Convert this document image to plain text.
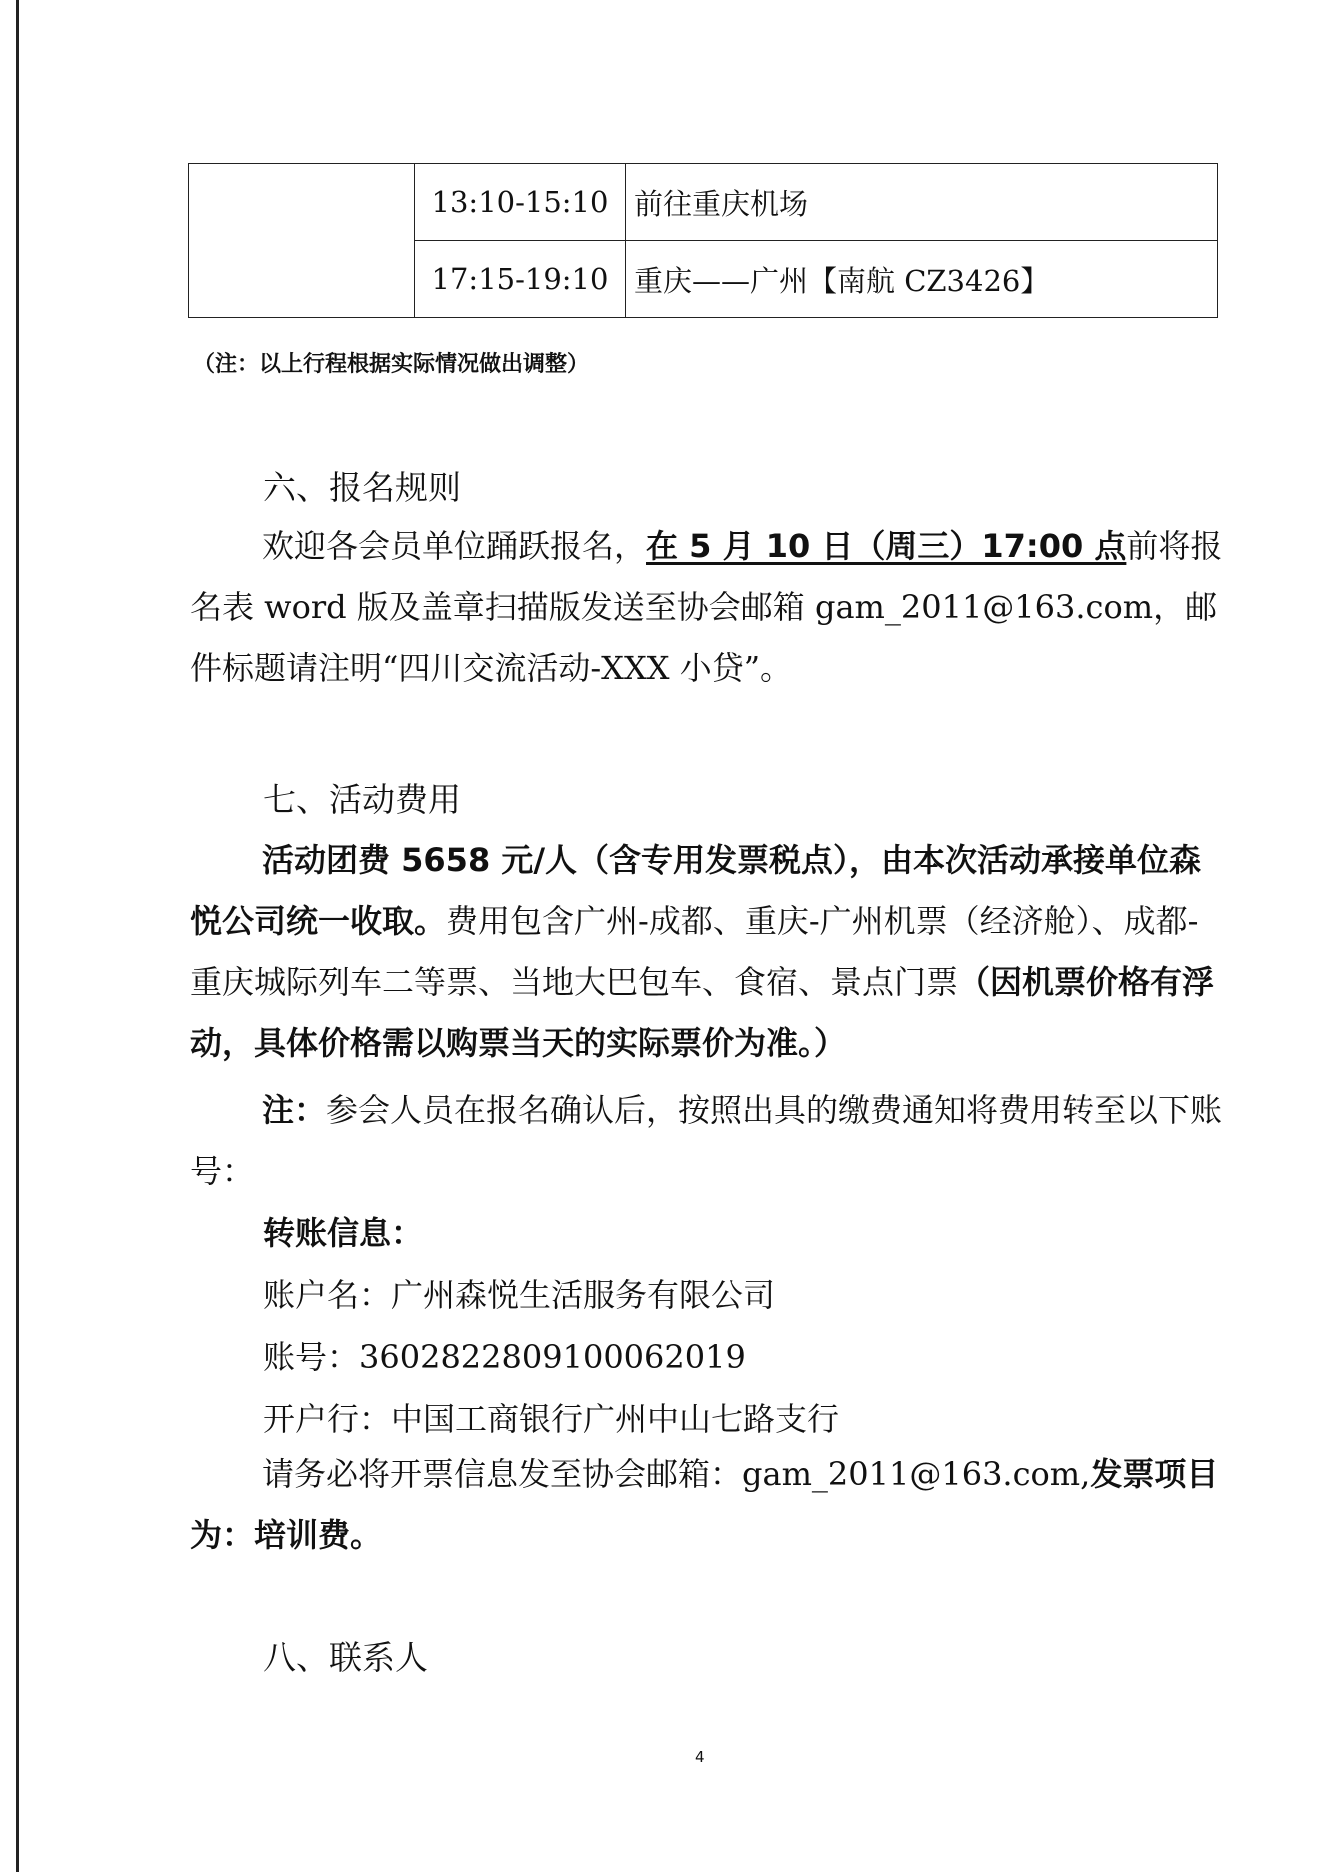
	13:10-15:10	前往重庆机场
	17:15-19:10	重庆——广州【南航 CZ3426】
（注：以上行程根据实际情况做出调整）
六、报名规则

欢迎各会员单位踊跃报名，在 5 月 10 日（周三）17:00 点前将报名表 word 版及盖章扫描版发送至协会邮箱 gam_2011@163.com，邮件标题请注明“四川交流活动-XXX 小贷”。

七、活动费用

活动团费 5658 元/人（含专用发票税点），由本次活动承接单位森悦公司统一收取。费用包含广州-成都、重庆-广州机票（经济舱）、成都-重庆城际列车二等票、当地大巴包车、食宿、景点门票（因机票价格有浮动，具体价格需以购票当天的实际票价为准。）

注：参会人员在报名确认后，按照出具的缴费通知将费用转至以下账号：

转账信息：
账户名：广州森悦生活服务有限公司
账号：3602822809100062019
开户行：中国工商银行广州中山七路支行

请务必将开票信息发至协会邮箱：gam_2011@163.com,发票项目为：培训费。

八、联系人
4
